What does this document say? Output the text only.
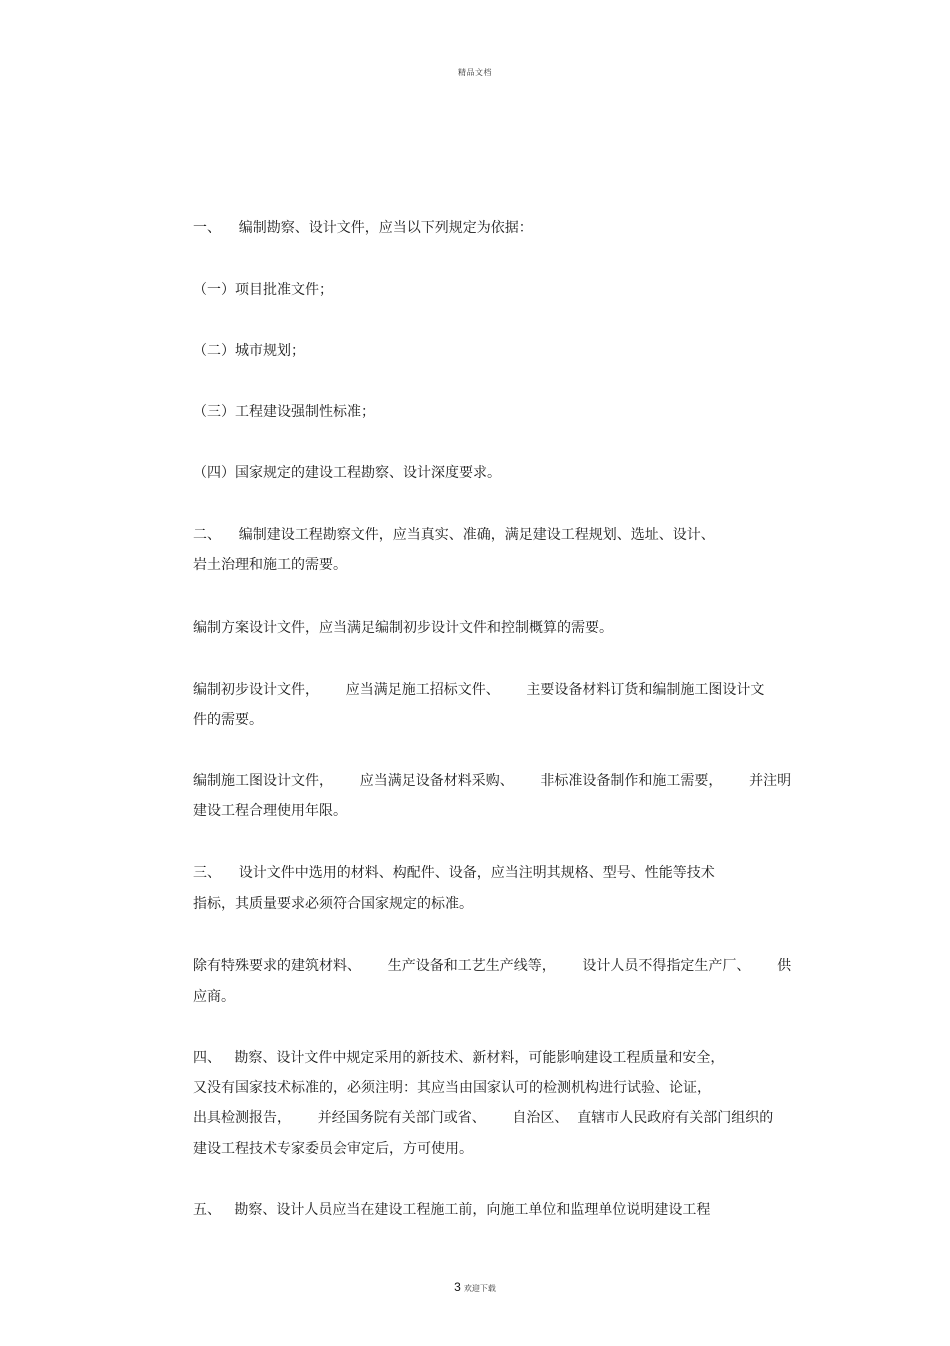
精品文档
一、    编制勘察、设计文件，应当以下列规定为依据：
（一）项目批准文件；
（二）城市规划；
（三）工程建设强制性标准；
（四）国家规定的建设工程勘察、设计深度要求。
二、    编制建设工程勘察文件，应当真实、准确，满足建设工程规划、选址、设计、
岩土治理和施工的需要。
编制方案设计文件，应当满足编制初步设计文件和控制概算的需要。
编制初步设计文件，      应当满足施工招标文件、      主要设备材料订货和编制施工图设计文
件的需要。
编制施工图设计文件，      应当满足设备材料采购、      非标准设备制作和施工需要，      并注明
建设工程合理使用年限。
三、    设计文件中选用的材料、构配件、设备，应当注明其规格、型号、性能等技术
指标，其质量要求必须符合国家规定的标准。
除有特殊要求的建筑材料、      生产设备和工艺生产线等，      设计人员不得指定生产厂、      供
应商。
四、   勘察、设计文件中规定采用的新技术、新材料，可能影响建设工程质量和安全，
又没有国家技术标准的，必须注明：其应当由国家认可的检测机构进行试验、论证，
出具检测报告，      并经国务院有关部门或省、      自治区、  直辖市人民政府有关部门组织的
建设工程技术专家委员会审定后，方可使用。
五、   勘察、设计人员应当在建设工程施工前，向施工单位和监理单位说明建设工程
3 欢迎下载
